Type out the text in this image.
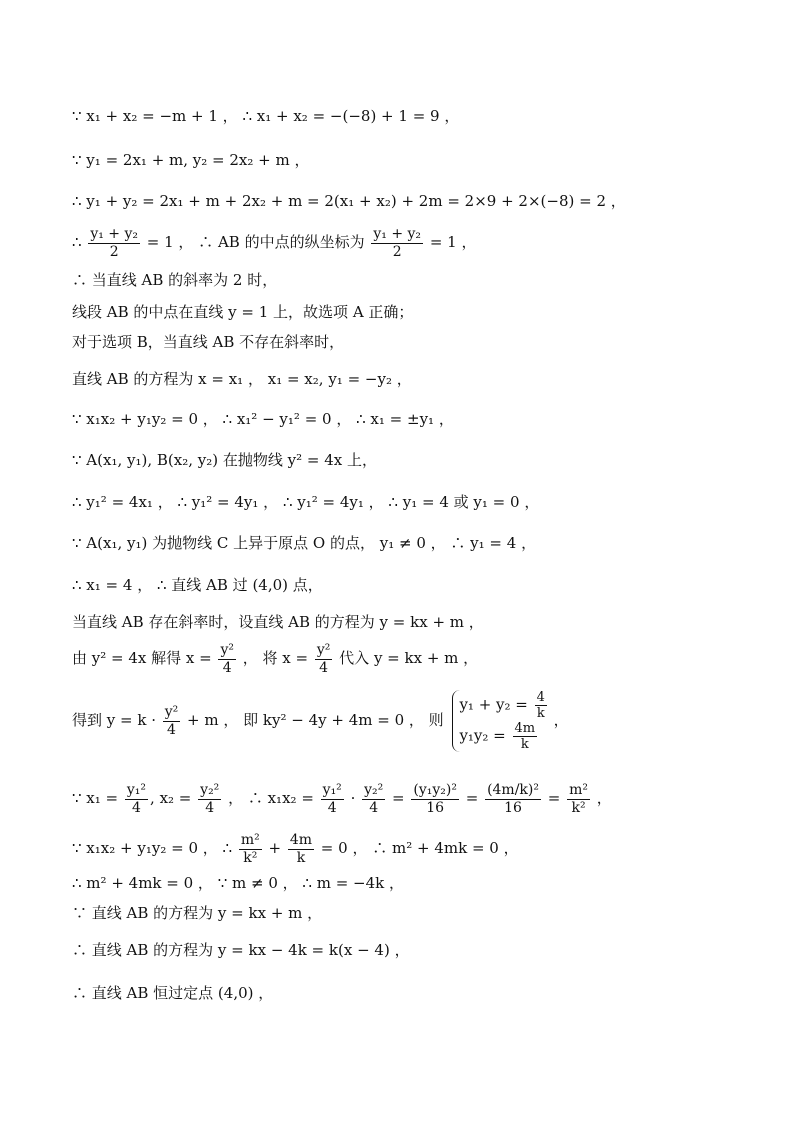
∵ x₁ + x₂ = −m + 1 ， ∴ x₁ + x₂ = −(−8) + 1 = 9 ，
∵ y₁ = 2x₁ + m, y₂ = 2x₂ + m ，
∴ y₁ + y₂ = 2x₁ + m + 2x₂ + m = 2(x₁ + x₂) + 2m = 2×9 + 2×(−8) = 2 ，
∴ $\frac{\text{y₁ + y₂}}{2} = 1$ ， ∴ AB 的中点的纵坐标为 $\frac{\text{y₁ + y₂}}{2} = 1$ ，
∴ 当直线 AB 的斜率为 2 时，
线段 AB 的中点在直线 y = 1 上，故选项 A 正确；
对于选项 B，当直线 AB 不存在斜率时，
直线 AB 的方程为 x = x₁ ， x₁ = x₂, y₁ = −y₂ ，
∵ x₁x₂ + y₁y₂ = 0 ， ∴ x₁² − y₁² = 0 ， ∴ x₁ = ±y₁ ，
∵ A(x₁, y₁), B(x₂, y₂) 在抛物线 y² = 4x 上，
∴ y₁² = 4x₁ ， ∴ y₁² = 4y₁ ， ∴ y₁² = 4y₁ ， ∴ y₁ = 4 或 y₁ = 0 ，
∵ A(x₁, y₁) 为抛物线 C 上异于原点 O 的点， y₁ ≠ 0 ， ∴ y₁ = 4 ，
∴ x₁ = 4 ， ∴ 直线 AB 过 (4,0) 点，
当直线 AB 存在斜率时，设直线 AB 的方程为 y = kx + m ，
由 y² = 4x 解得 $x = \frac{\text{y²}}{4}$ ， 将 $x = \frac{\text{y²}}{4}$ 代入 y = kx + m ，
得到 $y = k \cdot \frac{\text{y²}}{4} + m$ ， 即 ky² − 4y + 4m = 0 ， 则
$y_1 + y_2 = \frac{4}{k}$
$y_1y_2 = \frac{4m}{k}$
，
∵ $x_1 = \frac{\text{y₁²}}{4}$ , $x_2 = \frac{\text{y₂²}}{4}$ ， ∴ $x_1x_2 = \frac{\text{y₁²}}{4} \cdot \frac{\text{y₂²}}{4} = \frac{\text{(y₁y₂)²}}{16} = \frac{\text{(4m/k)²}}{16} = \frac{\text{m²}}{\text{k²}}$ ，
∵ x₁x₂ + y₁y₂ = 0 ， ∴ $\frac{\text{m²}}{\text{k²}} + \frac{4m}{k} = 0$ ， ∴ m² + 4mk = 0 ，
∴ m² + 4mk = 0 ， ∵ m ≠ 0 ， ∴ m = −4k ，
∵ 直线 AB 的方程为 y = kx + m ，
∴ 直线 AB 的方程为 y = kx − 4k = k(x − 4) ，
∴ 直线 AB 恒过定点 (4,0) ，
